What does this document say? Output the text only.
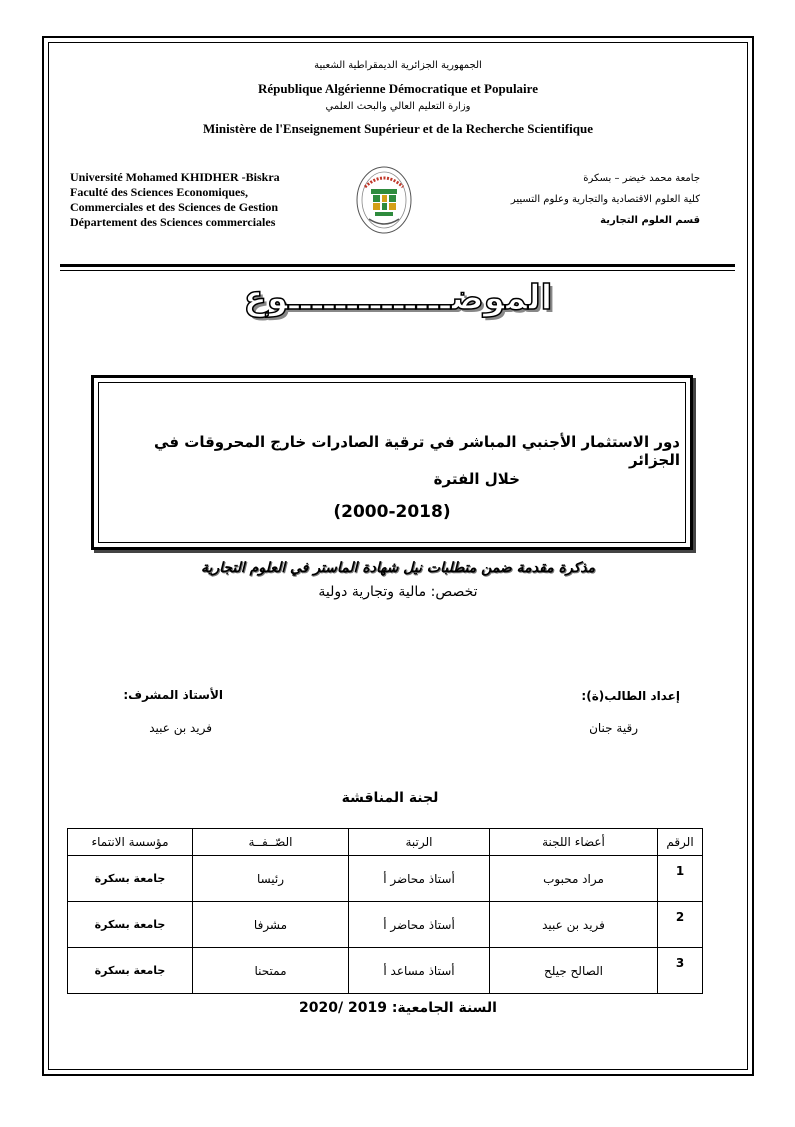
الجمهورية الجزائرية الديمقراطية الشعبية
République Algérienne Démocratique et Populaire
وزارة التعليم العالي والبحث العلمي
Ministère de l'Enseignement Supérieur et de la Recherche Scientifique
Université Mohamed KHIDHER -Biskra
Faculté des Sciences Economiques,
Commerciales et des Sciences de Gestion
Département des Sciences commerciales
جامعة محمد خيضر – بسكرة
كلية العلوم الاقتصادية والتجارية وعلوم التسيير
قسم العلوم التجارية
الموضــــــــــــــوع
دور الاستثمار الأجنبي المباشر في ترقية الصادرات خارج المحروقات في الجزائر
خلال الفترة
(2000-2018)
مذكرة مقدمة ضمن متطلبات نيل شهادة الماستر في العلوم التجارية
تخصص: مالية وتجارية دولية
إعداد الطالب(ة):
رقية جنان
الأستاذ المشرف:
فريد بن عبيد
لجنة المناقشة
الرقم	أعضاء اللجنة	الرتبة	الصّــفــة	مؤسسة الانتماء
1	مراد محبوب	أستاذ محاضر أ	رئيسا	جامعة بسكرة
2	فريد بن عبيد	أستاذ محاضر أ	مشرفا	جامعة بسكرة
3	الصالح جيلح	أستاذ مساعد أ	ممتحنا	جامعة بسكرة
السنة الجامعية: 2019 /2020
